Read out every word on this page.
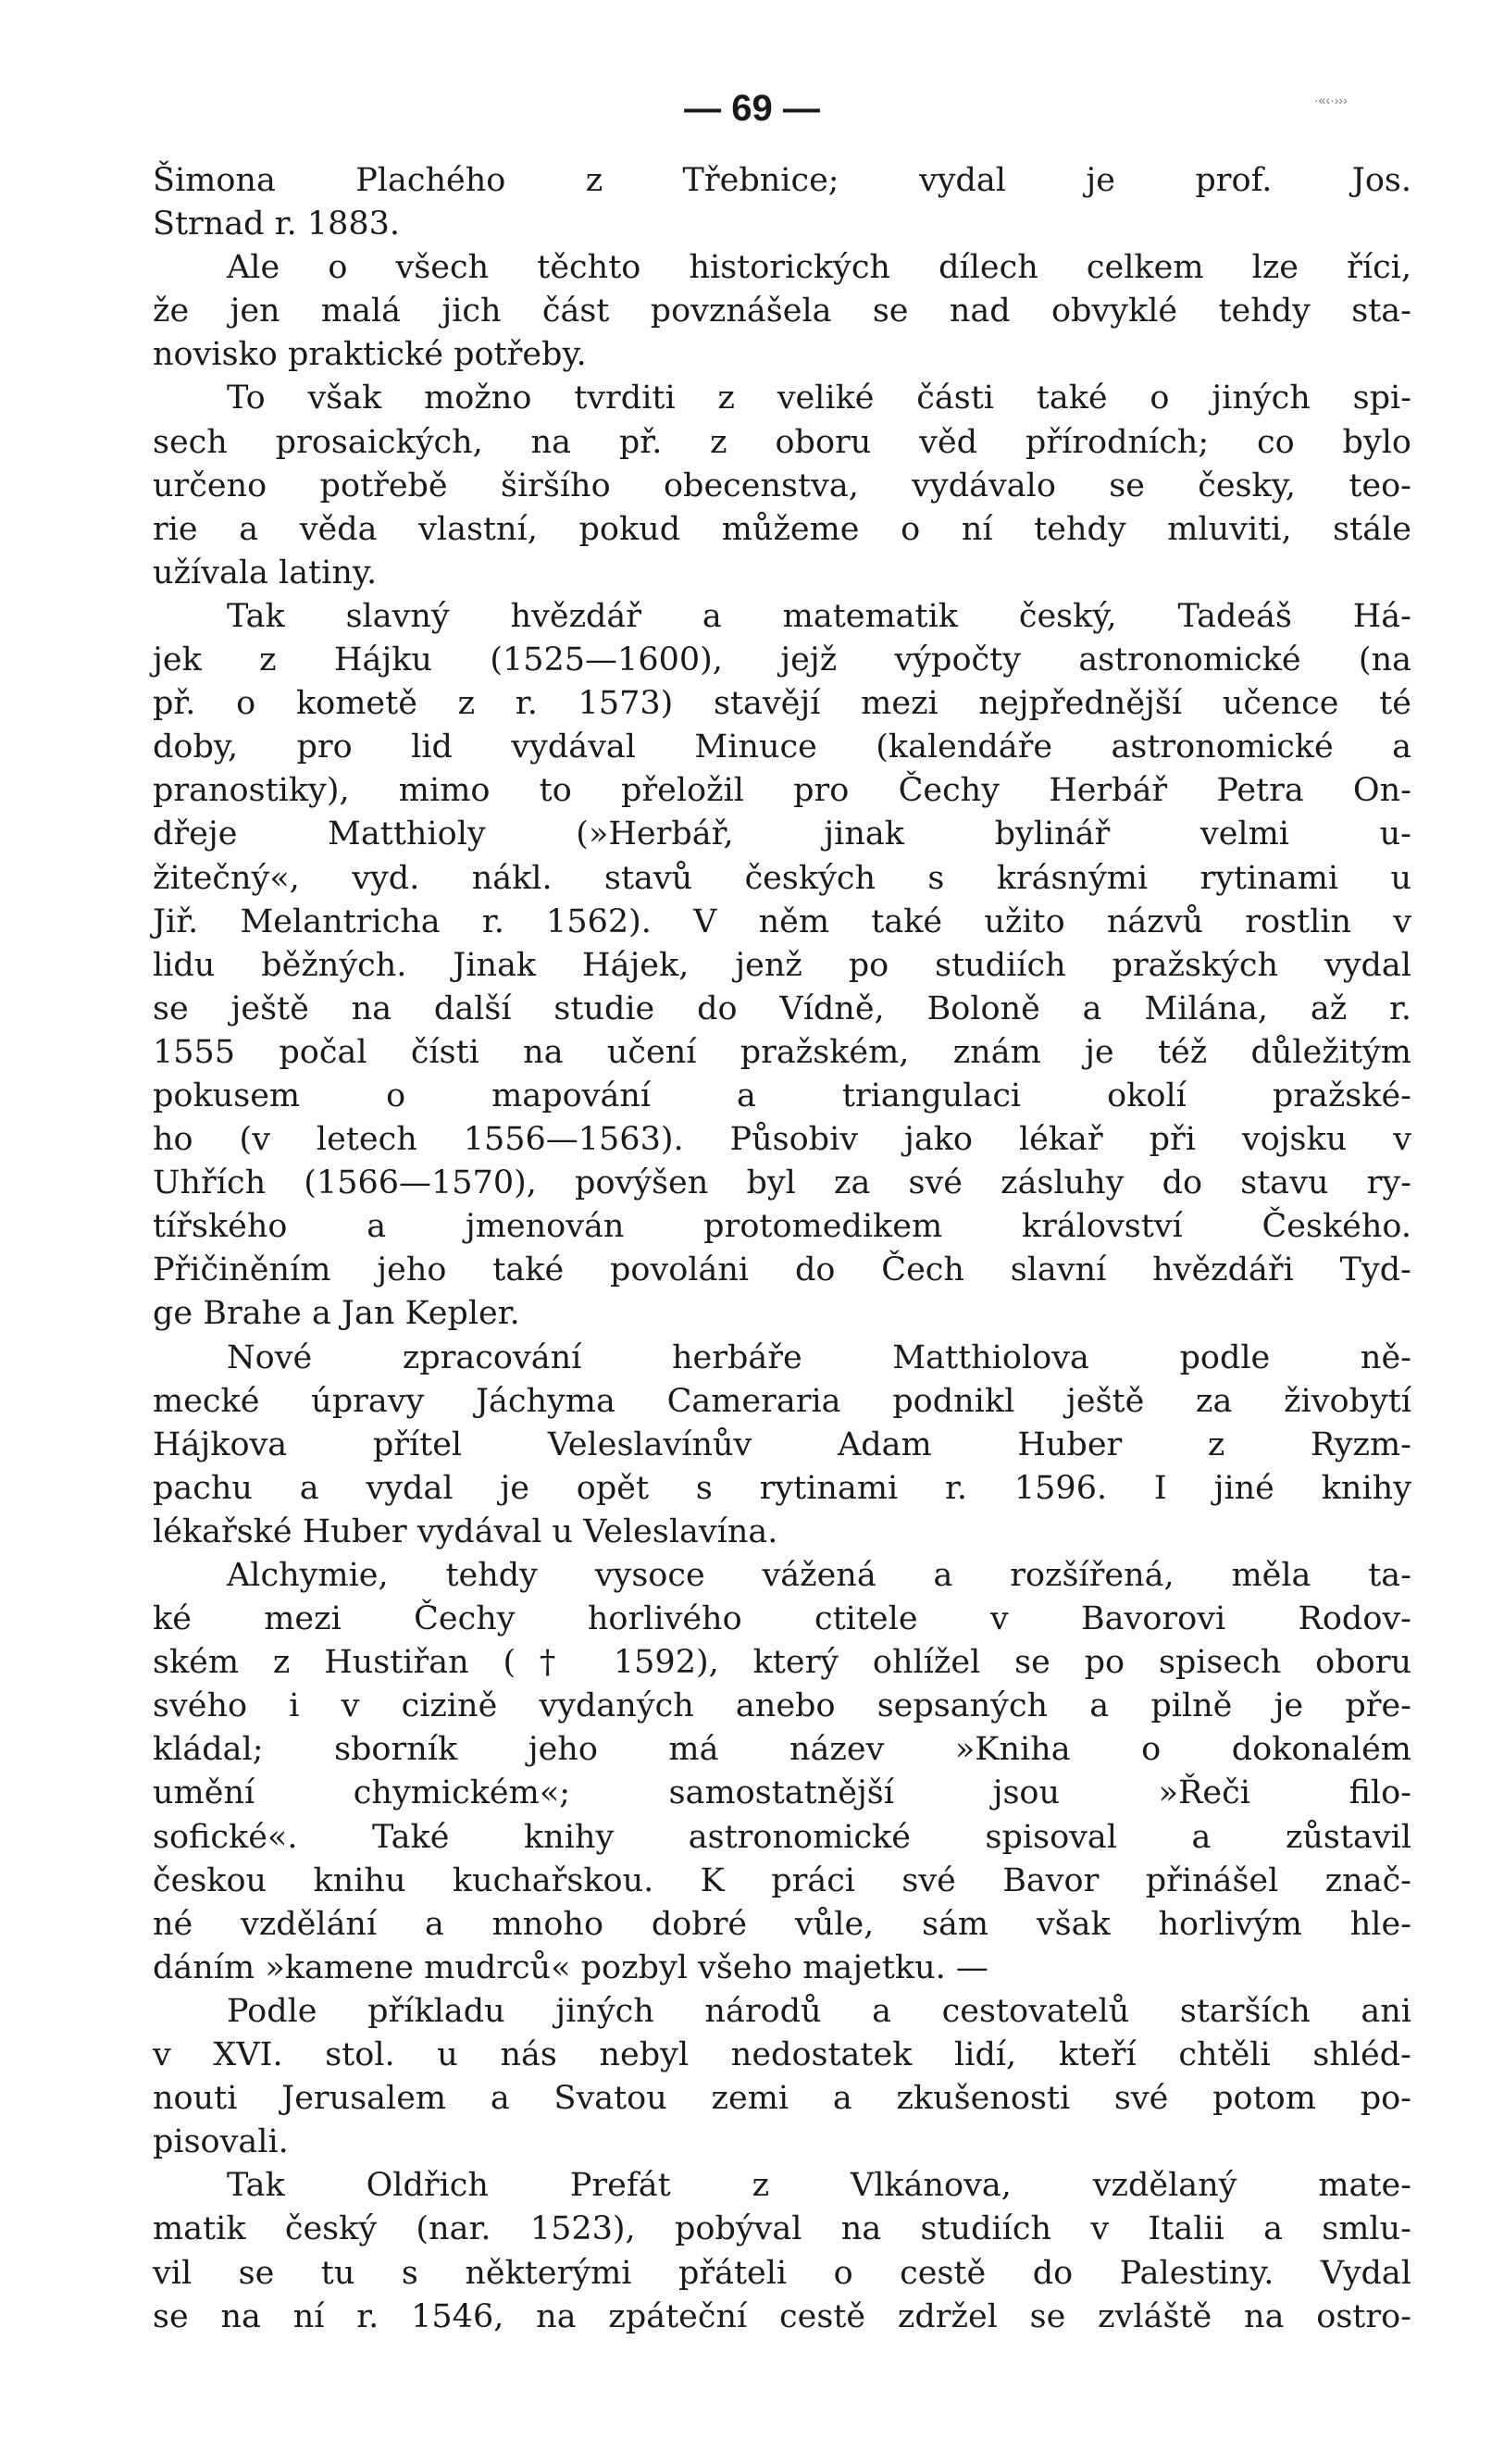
— 69 —	·«‹·›››
Šimona Plachého z Třebnice; vydal je prof. Jos.
Strnad r. 1883.
Ale o všech těchto historických dílech celkem lze říci,
že jen malá jich část povznášela se nad obvyklé tehdy sta-
novisko praktické potřeby.
To však možno tvrditi z veliké části také o jiných spi-
sech prosaických, na př. z oboru věd přírodních; co bylo
určeno potřebě širšího obecenstva, vydávalo se česky, teo-
rie a věda vlastní, pokud můžeme o ní tehdy mluviti, stále
užívala latiny.
Tak slavný hvězdář a matematik český, Tadeáš Há-
jek z Hájku (1525—1600), jejž výpočty astronomické (na
př. o kometě z r. 1573) stavějí mezi nejpřednější učence té
doby, pro lid vydával Minuce (kalendáře astronomické a
pranostiky), mimo to přeložil pro Čechy Herbář Petra On-
dřeje Matthioly (»Herbář, jinak bylinář velmi u-
žitečný«, vyd. nákl. stavů českých s krásnými rytinami u
Jiř. Melantricha r. 1562). V něm také užito názvů rostlin v
lidu běžných. Jinak Hájek, jenž po studiích pražských vydal
se ještě na další studie do Vídně, Boloně a Milána, až r.
1555 počal čísti na učení pražském, znám je též důležitým
pokusem o mapování a triangulaci okolí pražské-
ho (v letech 1556—1563). Působiv jako lékař při vojsku v
Uhřích (1566—1570), povýšen byl za své zásluhy do stavu ry-
tířského a jmenován protomedikem království Českého.
Přičiněním jeho také povoláni do Čech slavní hvězdáři Tyd-
ge Brahe a Jan Kepler.
Nové zpracování herbáře Matthiolova podle ně-
mecké úpravy Jáchyma Cameraria podnikl ještě za živobytí
Hájkova přítel Veleslavínův Adam Huber z Ryzm-
pachu a vydal je opět s rytinami r. 1596. I jiné knihy
lékařské Huber vydával u Veleslavína.
Alchymie, tehdy vysoce vážená a rozšířená, měla ta-
ké mezi Čechy horlivého ctitele v Bavorovi Rodov-
ském z Hustiřan († 1592), který ohlížel se po spisech oboru
svého i v cizině vydaných anebo sepsaných a pilně je pře-
kládal; sborník jeho má název »Kniha o dokonalém
umění chymickém«; samostatnější jsou »Řeči filo-
sofické«. Také knihy astronomické spisoval a zůstavil
českou knihu kuchařskou. K práci své Bavor přinášel znač-
né vzdělání a mnoho dobré vůle, sám však horlivým hle-
dáním »kamene mudrců« pozbyl všeho majetku. —
Podle příkladu jiných národů a cestovatelů starších ani
v XVI. stol. u nás nebyl nedostatek lidí, kteří chtěli shléd-
nouti Jerusalem a Svatou zemi a zkušenosti své potom po-
pisovali.
Tak Oldřich Prefát z Vlkánova, vzdělaný mate-
matik český (nar. 1523), pobýval na studiích v Italii a smlu-
vil se tu s některými přáteli o cestě do Palestiny. Vydal
se na ní r. 1546, na zpáteční cestě zdržel se zvláště na ostro-
